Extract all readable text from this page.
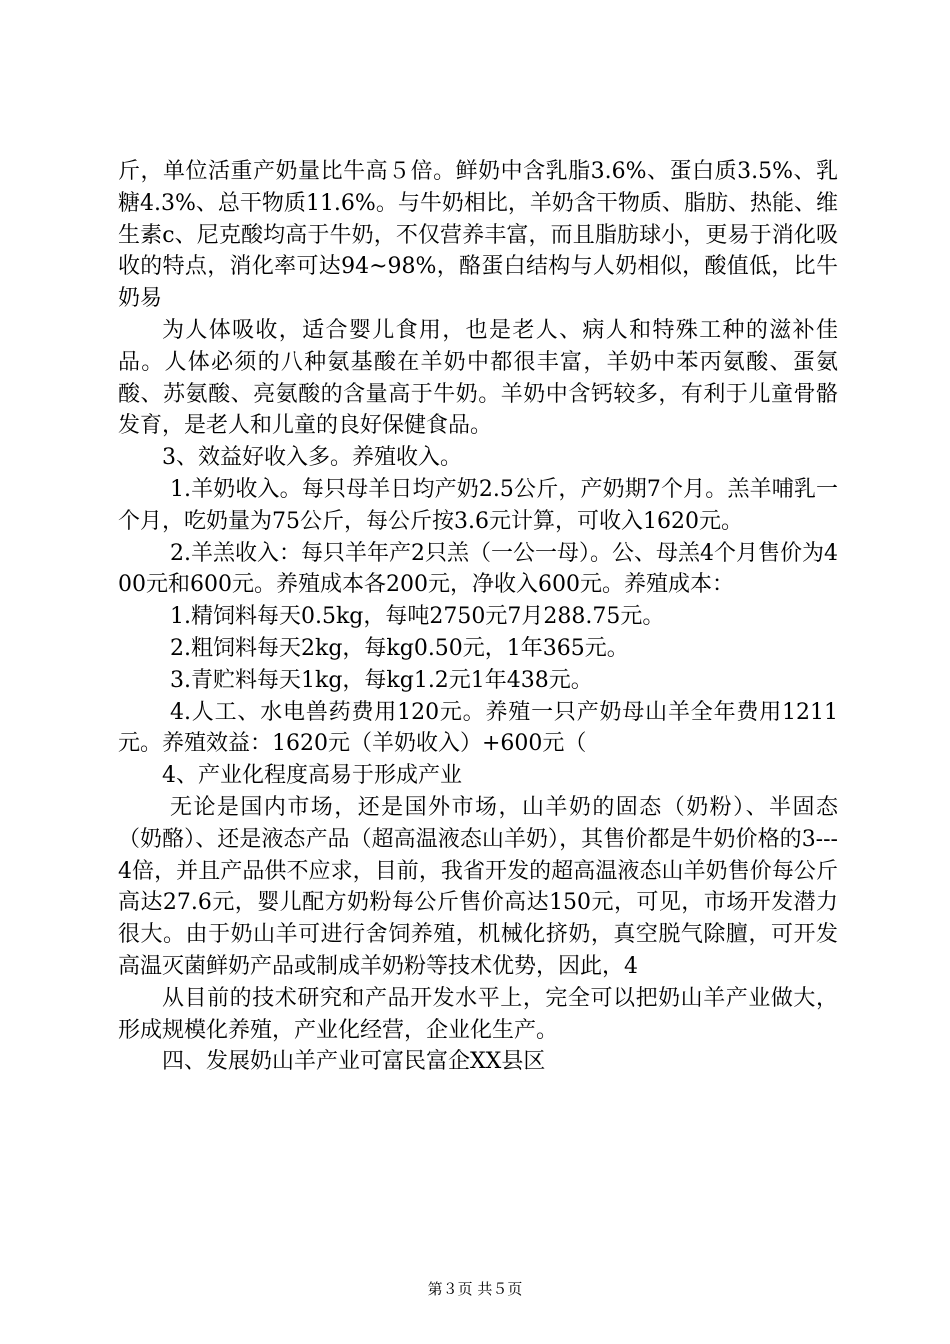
斤，单位活重产奶量比牛高５倍。鲜奶中含乳脂3.6%、蛋白质3.5%、乳糖4.3%、总干物质11.6%。与牛奶相比，羊奶含干物质、脂肪、热能、维生素c、尼克酸均高于牛奶，不仅营养丰富，而且脂肪球小，更易于消化吸收的特点，消化率可达94~98%，酪蛋白结构与人奶相似，酸值低，比牛奶易

为人体吸收，适合婴儿食用，也是老人、病人和特殊工种的滋补佳品。人体必须的八种氨基酸在羊奶中都很丰富，羊奶中苯丙氨酸、蛋氨酸、苏氨酸、亮氨酸的含量高于牛奶。羊奶中含钙较多，有利于儿童骨骼发育，是老人和儿童的良好保健食品。

3、效益好收入多。养殖收入。

1.羊奶收入。每只母羊日均产奶2.5公斤，产奶期7个月。羔羊哺乳一个月，吃奶量为75公斤，每公斤按3.6元计算，可收入1620元。

2.羊羔收入：每只羊年产2只羔（一公一母）。公、母羔4个月售价为400元和600元。养殖成本各200元，净收入600元。养殖成本：

1.精饲料每天0.5kg，每吨2750元7月288.75元。

2.粗饲料每天2kg，每kg0.50元，1年365元。

3.青贮料每天1kg，每kg1.2元1年438元。

4.人工、水电兽药费用120元。养殖一只产奶母山羊全年费用1211元。养殖效益：1620元（羊奶收入）+600元（

4、产业化程度高易于形成产业

无论是国内市场，还是国外市场，山羊奶的固态（奶粉）、半固态（奶酪）、还是液态产品（超高温液态山羊奶），其售价都是牛奶价格的3---4倍，并且产品供不应求，目前，我省开发的超高温液态山羊奶售价每公斤高达27.6元，婴儿配方奶粉每公斤售价高达150元，可见，市场开发潜力很大。由于奶山羊可进行舍饲养殖，机械化挤奶，真空脱气除膻，可开发高温灭菌鲜奶产品或制成羊奶粉等技术优势，因此，4

从目前的技术研究和产品开发水平上，完全可以把奶山羊产业做大，形成规模化养殖，产业化经营，企业化生产。

四、发展奶山羊产业可富民富企XX县区

第３页 共５页
